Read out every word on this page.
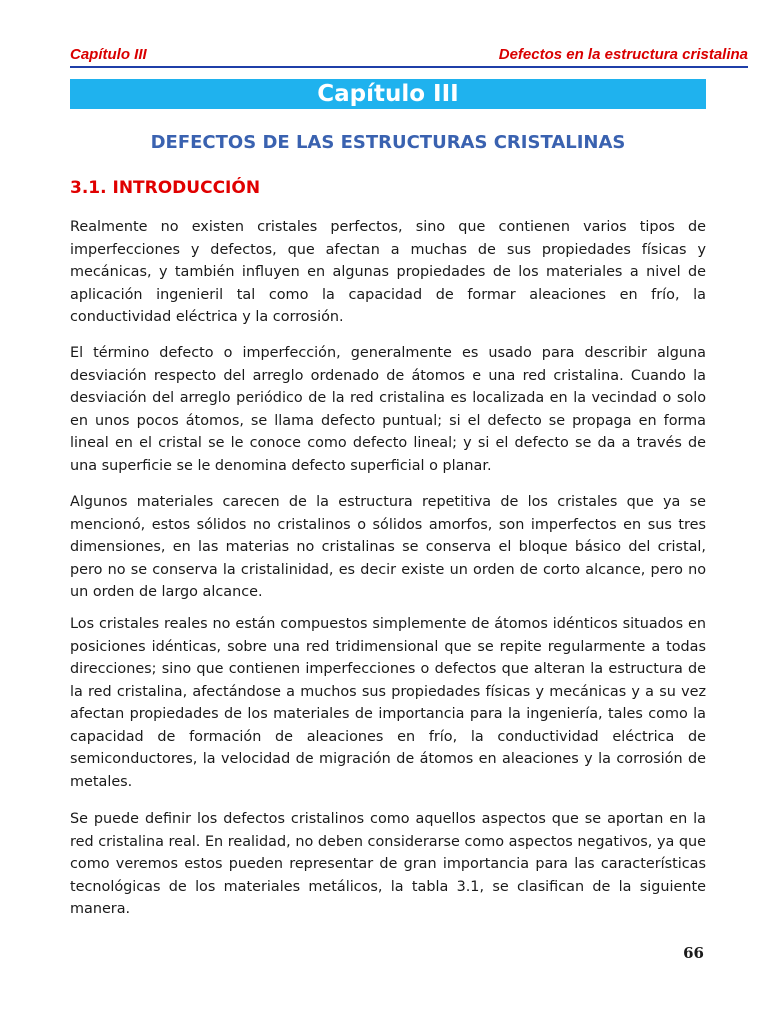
Capítulo III	Defectos en la estructura cristalina
Capítulo III
DEFECTOS DE LAS ESTRUCTURAS CRISTALINAS
3.1. INTRODUCCIÓN

Realmente no existen cristales perfectos, sino que contienen varios tipos de imperfecciones y defectos, que afectan a muchas de sus propiedades físicas y mecánicas, y también influyen en algunas propiedades de los materiales a nivel de aplicación ingenieril tal como la capacidad de formar aleaciones en frío, la conductividad eléctrica y la corrosión.

El término defecto o imperfección, generalmente es usado para describir alguna desviación respecto del arreglo ordenado de átomos e una red cristalina. Cuando la desviación del arreglo periódico de la red cristalina es localizada en la vecindad o solo en unos pocos átomos, se llama defecto puntual; si el defecto se propaga en forma lineal en el cristal se le conoce como defecto lineal; y si el defecto se da a través de una superficie se le denomina defecto superficial o planar.

Algunos materiales carecen de la estructura repetitiva de los cristales que ya se mencionó, estos sólidos no cristalinos o sólidos amorfos, son imperfectos en sus tres dimensiones, en las materias no cristalinas se conserva el bloque básico del cristal, pero no se conserva la cristalinidad, es decir existe un orden de corto alcance, pero no un orden de largo alcance.

Los cristales reales no están compuestos simplemente de átomos idénticos situados en posiciones idénticas, sobre una red tridimensional que se repite regularmente a todas direcciones; sino que contienen imperfecciones o defectos que alteran la estructura de la red cristalina, afectándose a muchos sus propiedades físicas y mecánicas y a su vez afectan propiedades de los materiales de importancia para la ingeniería, tales como la capacidad de formación de aleaciones en frío, la conductividad eléctrica de semiconductores, la velocidad de migración de átomos en aleaciones y la corrosión de metales.

Se puede definir los defectos cristalinos como aquellos aspectos que se aportan en la red cristalina real. En realidad, no deben considerarse como aspectos negativos, ya que como veremos estos pueden representar de gran importancia para las características tecnológicas de los materiales metálicos, la tabla 3.1, se clasifican de la siguiente manera.

66
